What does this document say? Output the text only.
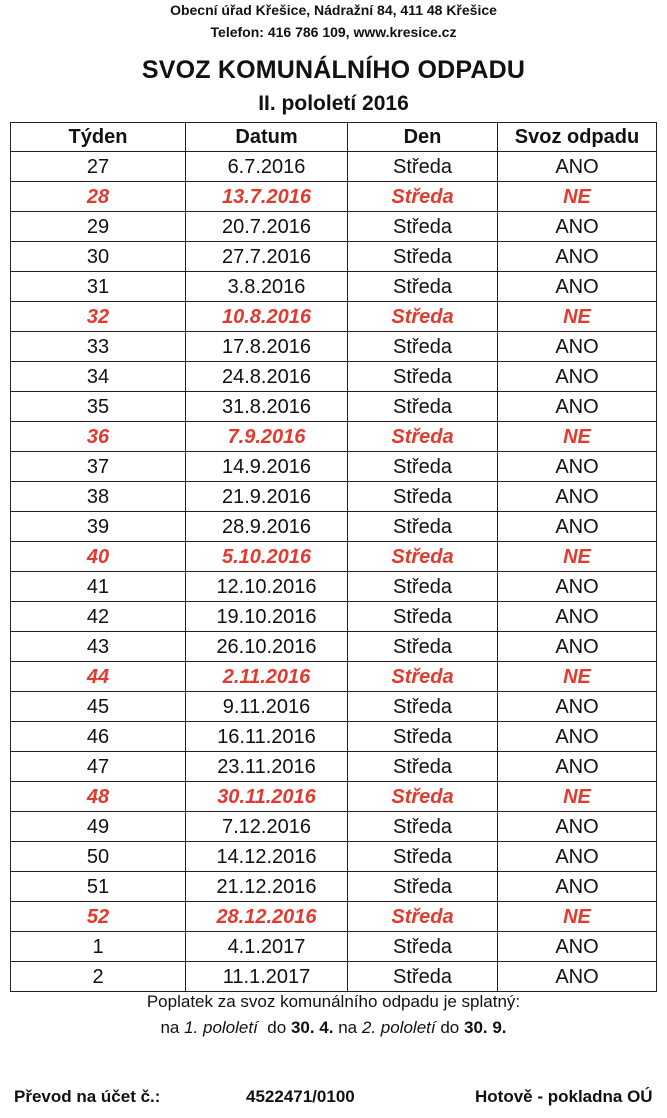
Obecní úřad Křešice, Nádražní 84, 411 48 Křešice
Telefon: 416 786 109, www.kresice.cz
SVOZ KOMUNÁLNÍHO ODPADU
II. pololetí 2016
Týden	Datum	Den	Svoz odpadu
27	6.7.2016	Středa	ANO
28	13.7.2016	Středa	NE
29	20.7.2016	Středa	ANO
30	27.7.2016	Středa	ANO
31	3.8.2016	Středa	ANO
32	10.8.2016	Středa	NE
33	17.8.2016	Středa	ANO
34	24.8.2016	Středa	ANO
35	31.8.2016	Středa	ANO
36	7.9.2016	Středa	NE
37	14.9.2016	Středa	ANO
38	21.9.2016	Středa	ANO
39	28.9.2016	Středa	ANO
40	5.10.2016	Středa	NE
41	12.10.2016	Středa	ANO
42	19.10.2016	Středa	ANO
43	26.10.2016	Středa	ANO
44	2.11.2016	Středa	NE
45	9.11.2016	Středa	ANO
46	16.11.2016	Středa	ANO
47	23.11.2016	Středa	ANO
48	30.11.2016	Středa	NE
49	7.12.2016	Středa	ANO
50	14.12.2016	Středa	ANO
51	21.12.2016	Středa	ANO
52	28.12.2016	Středa	NE
1	4.1.2017	Středa	ANO
2	11.1.2017	Středa	ANO
Poplatek za svoz komunálního odpadu je splatný:
na 1. pololetí do 30. 4. na 2. pololetí do 30. 9.
Převod na účet č.:	4522471/0100	Hotově - pokladna OÚ
